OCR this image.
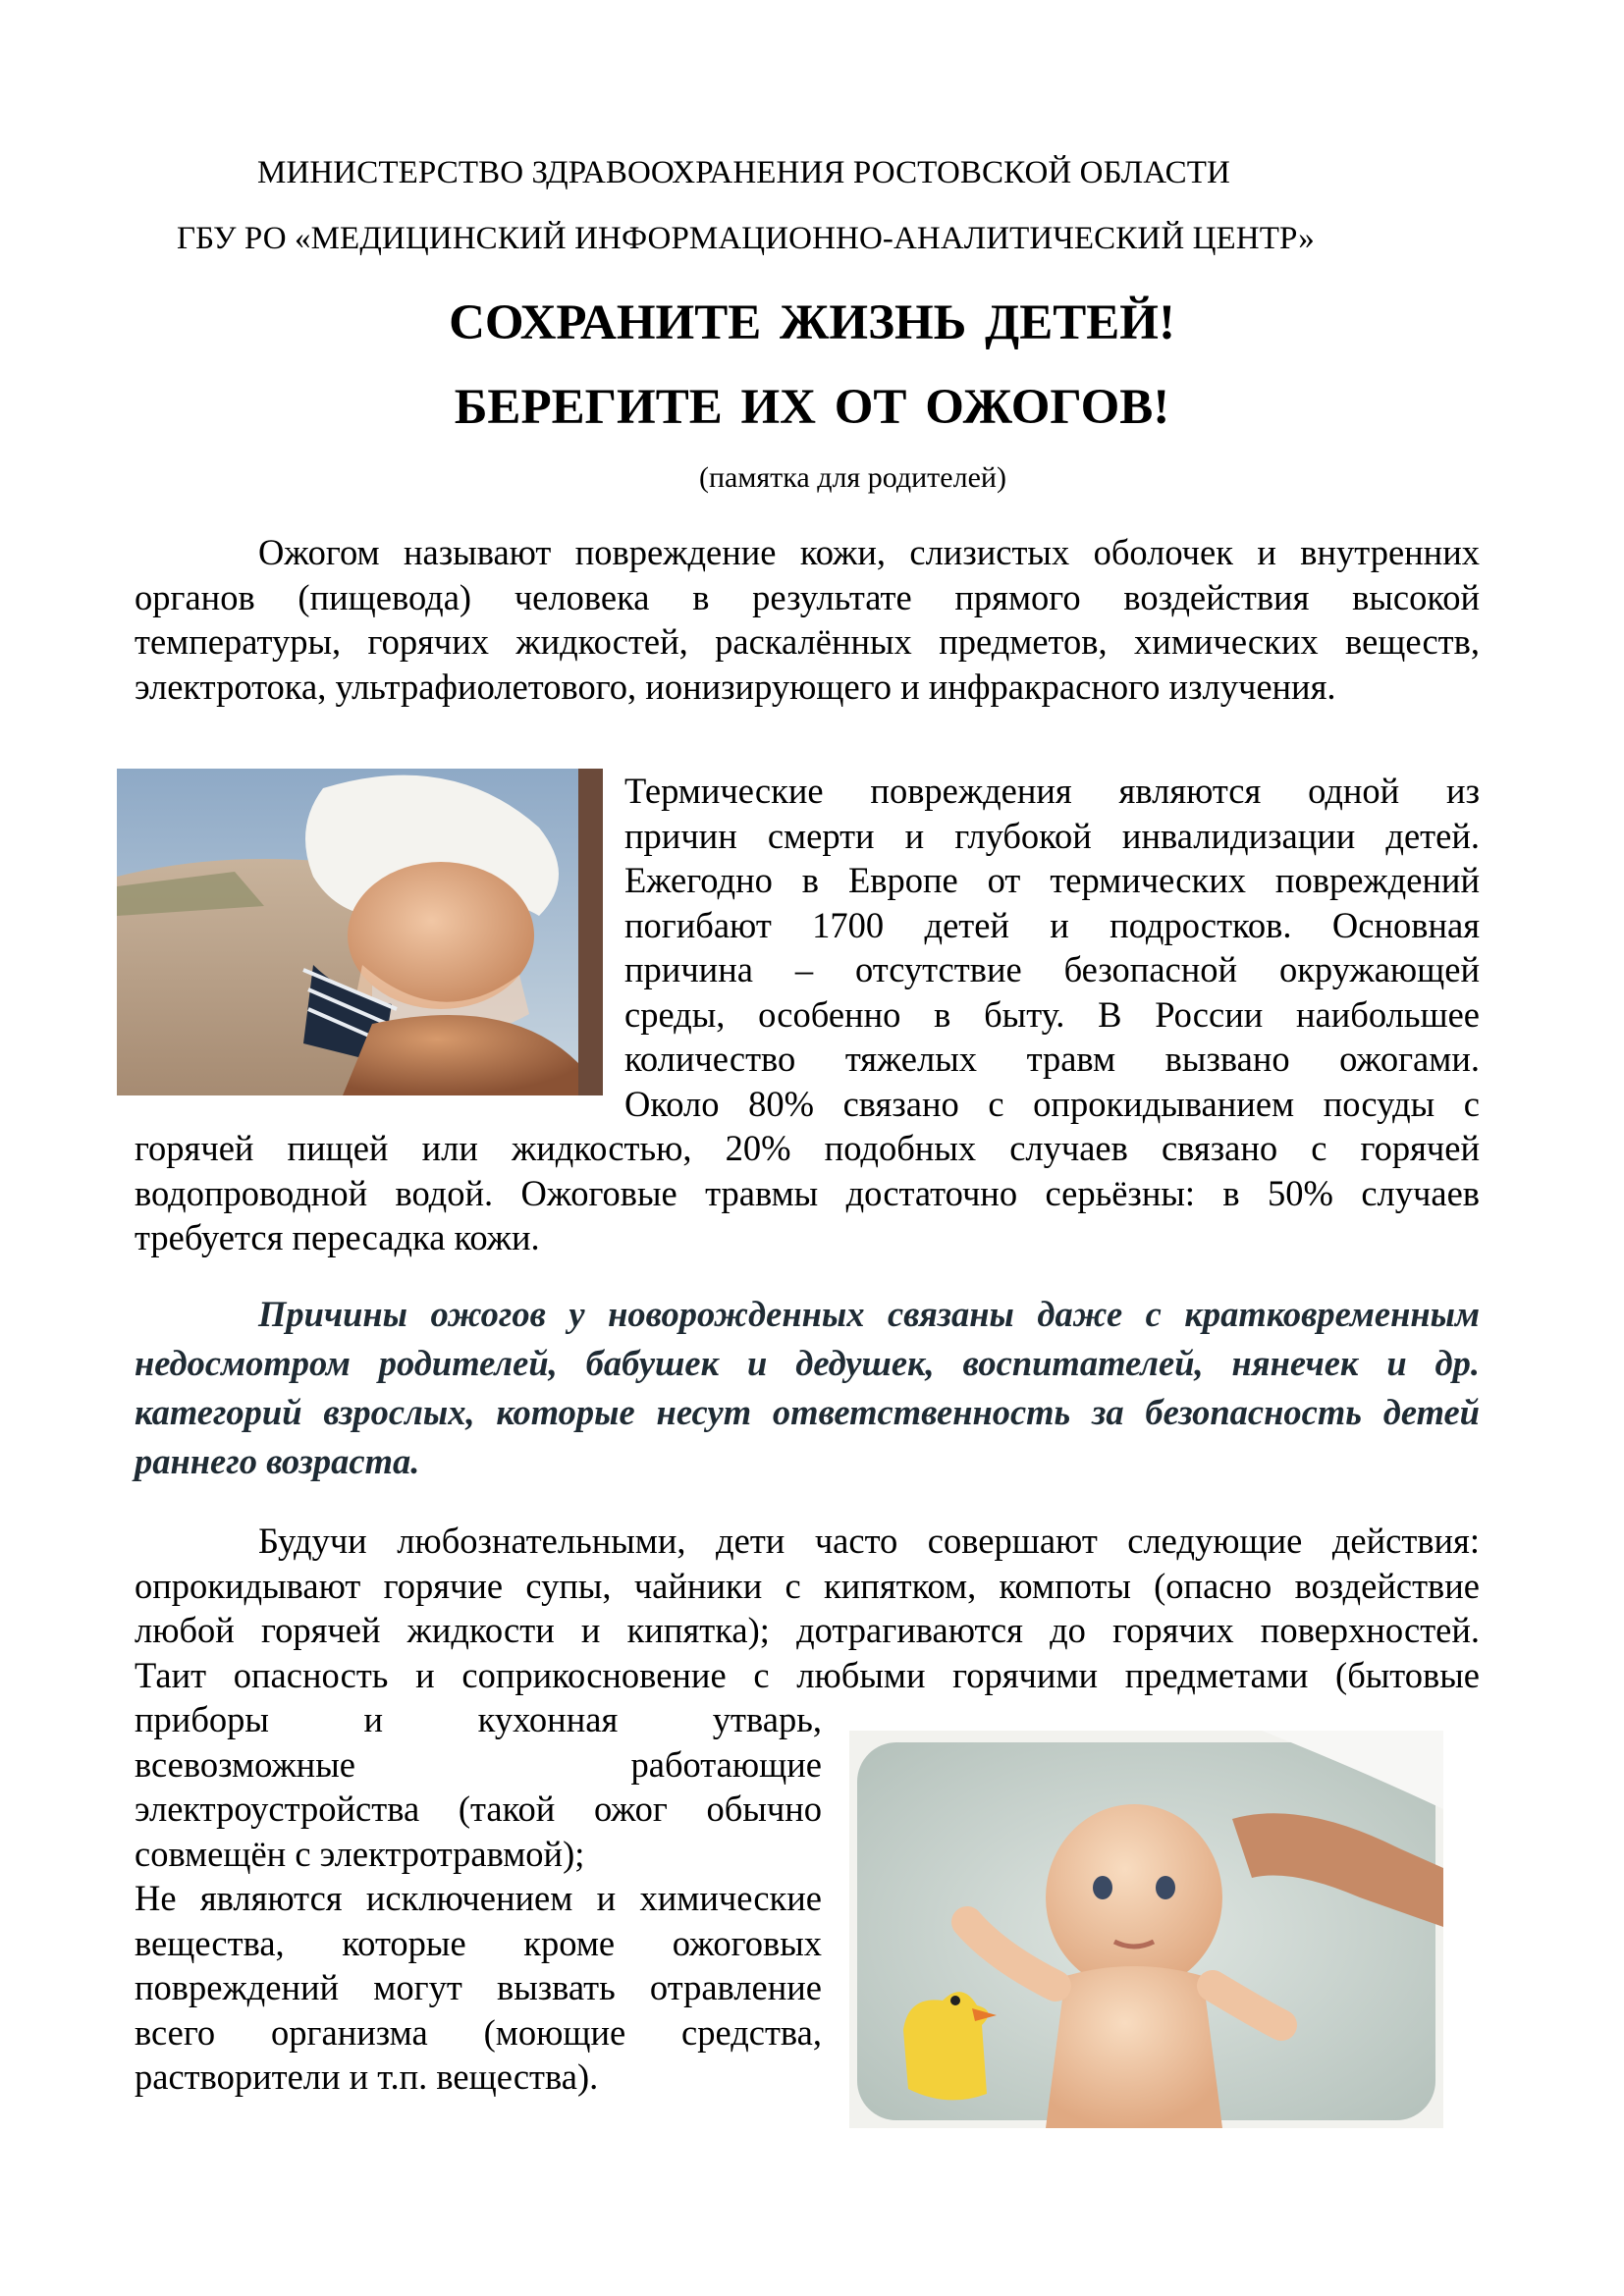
МИНИСТЕРСТВО ЗДРАВООХРАНЕНИЯ РОСТОВСКОЙ ОБЛАСТИ
ГБУ РО «МЕДИЦИНСКИЙ ИНФОРМАЦИОННО-АНАЛИТИЧЕСКИЙ ЦЕНТР»
СОХРАНИТЕ ЖИЗНЬ ДЕТЕЙ!
БЕРЕГИТЕ ИХ ОТ ОЖОГОВ!
(памятка для родителей)
Ожогом называют повреждение кожи, слизистых оболочек и внутренних
органов (пищевода) человека в результате прямого воздействия высокой
температуры, горячих жидкостей, раскалённых предметов, химических веществ,
электротока, ультрафиолетового, ионизирующего и инфракрасного излучения.
Термические повреждения являются одной из
причин смерти и глубокой инвалидизации детей.
Ежегодно в Европе от термических повреждений
погибают 1700 детей и подростков. Основная
причина – отсутствие безопасной окружающей
среды, особенно в быту. В России наибольшее
количество тяжелых травм вызвано ожогами.
Около 80% связано с опрокидыванием посуды с
горячей пищей или жидкостью, 20% подобных случаев связано с горячей
водопроводной водой. Ожоговые травмы достаточно серьёзны: в 50% случаев
требуется пересадка кожи.
Причины ожогов у новорожденных связаны даже с кратковременным
недосмотром родителей, бабушек и дедушек, воспитателей, нянечек и др.
категорий взрослых, которые несут ответственность за безопасность детей
раннего возраста.
Будучи любознательными, дети часто совершают следующие действия:
опрокидывают горячие супы, чайники с кипятком, компоты (опасно воздействие
любой горячей жидкости и кипятка); дотрагиваются до горячих поверхностей.
Таит опасность и соприкосновение с любыми горячими предметами (бытовые
приборы и кухонная утварь,
всевозможные работающие
электроустройства (такой ожог обычно
совмещён с электротравмой);
Не являются исключением и химические
вещества, которые кроме ожоговых
повреждений могут вызвать отравление
всего организма (моющие средства,
растворители и т.п. вещества).
